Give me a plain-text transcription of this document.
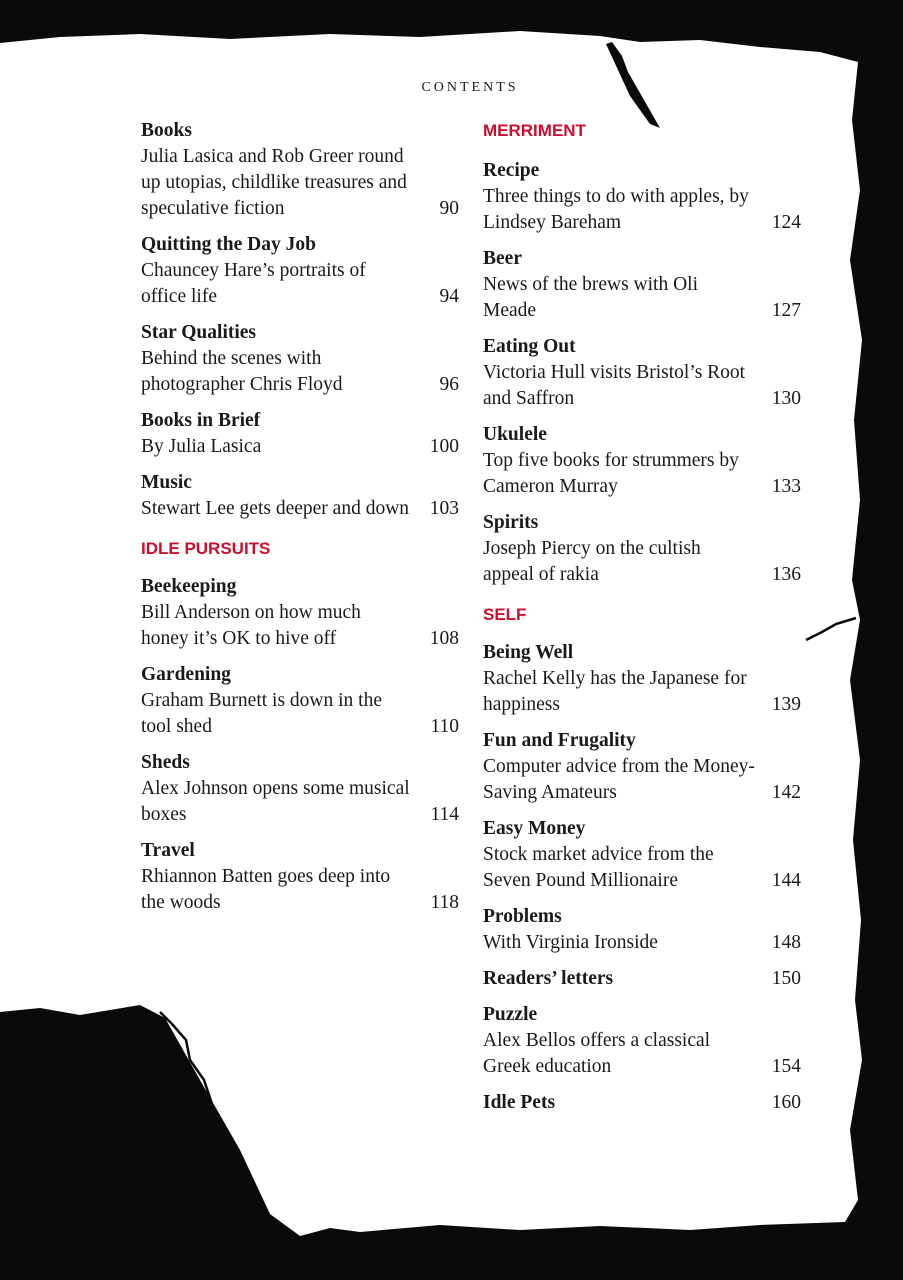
CONTENTS
Books
Julia Lasica and Rob Greer round up utopias, childlike treasures and speculative fiction	90
Quitting the Day Job
Chauncey Hare’s portraits of office life	94
Star Qualities
Behind the scenes with photographer Chris Floyd	96
Books in Brief
By Julia Lasica	100
Music
Stewart Lee gets deeper and down	103
IDLE PURSUITS
Beekeeping
Bill Anderson on how much honey it’s OK to hive off	108
Gardening
Graham Burnett is down in the tool shed	110
Sheds
Alex Johnson opens some musical boxes	114
Travel
Rhiannon Batten goes deep into the woods	118
MERRIMENT
Recipe
Three things to do with apples, by Lindsey Bareham	124
Beer
News of the brews with Oli Meade	127
Eating Out
Victoria Hull visits Bristol’s Root and Saffron	130
Ukulele
Top five books for strummers by Cameron Murray	133
Spirits
Joseph Piercy on the cultish appeal of rakia	136
SELF
Being Well
Rachel Kelly has the Japanese for happiness	139
Fun and Frugality
Computer advice from the Money-Saving Amateurs	142
Easy Money
Stock market advice from the Seven Pound Millionaire	144
Problems
With Virginia Ironside	148
Readers’ letters	150
Puzzle
Alex Bellos offers a classical Greek education	154
Idle Pets	160
